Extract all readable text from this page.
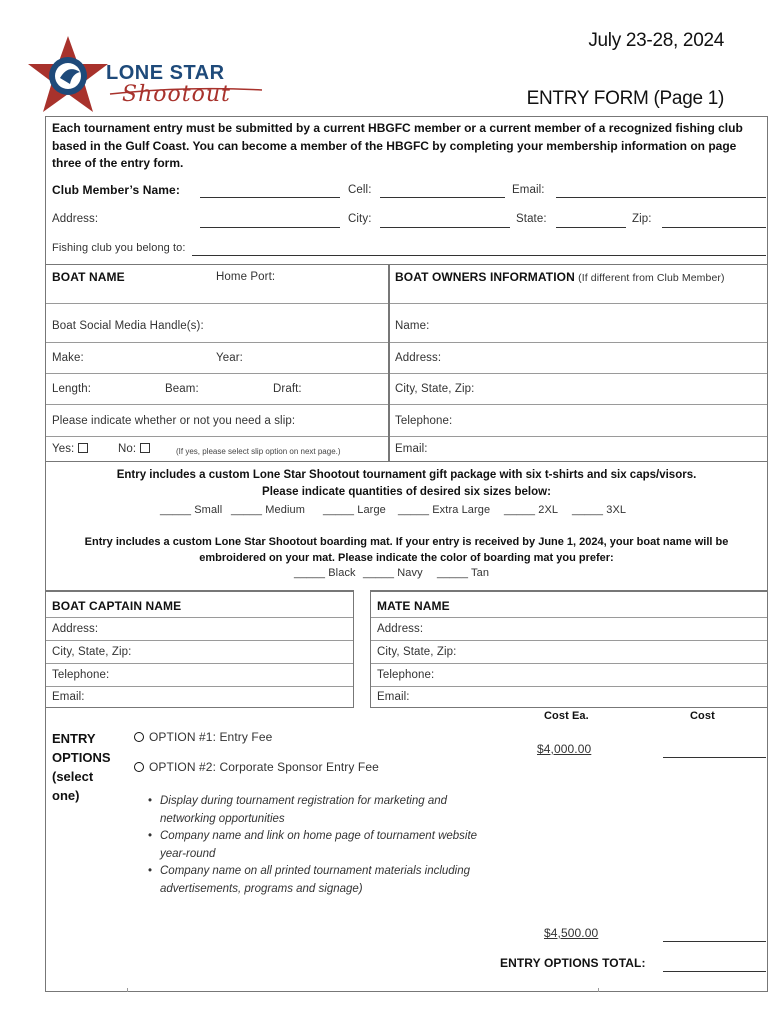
LONE STAR
Shootout
July 23-28, 2024
ENTRY FORM (Page 1)
Each tournament entry must be submitted by a current HBGFC member or a current member of a recognized fishing club
based in the Gulf Coast. You can become a member of the HBGFC by completing your membership information on page
three of the entry form.
Club Member’s Name:	Cell:	Email:
Address:	City:	State:	Zip:
Fishing club you belong to:
BOAT NAME	Home Port:	BOAT OWNERS INFORMATION (If different from Club Member)
Boat Social Media Handle(s):	Name:
Make:	Year:	Address:
Length:	Beam:	Draft:	City, State, Zip:
Please indicate whether or not you need a slip:	Telephone:
Yes:	No:	(If yes, please select slip option on next page.)	Email:
Entry includes a custom Lone Star Shootout tournament gift package with six t-shirts and six caps/visors.
Please indicate quantities of desired six sizes below:
_____ Small _____ Medium _____ Large _____ Extra Large _____ 2XL _____ 3XL
Entry includes a custom Lone Star Shootout boarding mat. If your entry is received by June 1, 2024, your boat name will be
embroidered on your mat. Please indicate the color of boarding mat you prefer:
_____ Black _____ Navy _____ Tan
BOAT CAPTAIN NAME	MATE NAME
Address:	Address:
City, State, Zip:	City, State, Zip:
Telephone:	Telephone:
Email:	Email:
Cost Ea.	Cost
ENTRY
OPTIONS
(select
one)
OPTION #1: Entry Fee
$4,000.00
OPTION #2: Corporate Sponsor Entry Fee
• Display during tournament registration for marketing and
networking opportunities
• Company name and link on home page of tournament website
year-round
• Company name on all printed tournament materials including
advertisements, programs and signage)
$4,500.00
ENTRY OPTIONS TOTAL:
